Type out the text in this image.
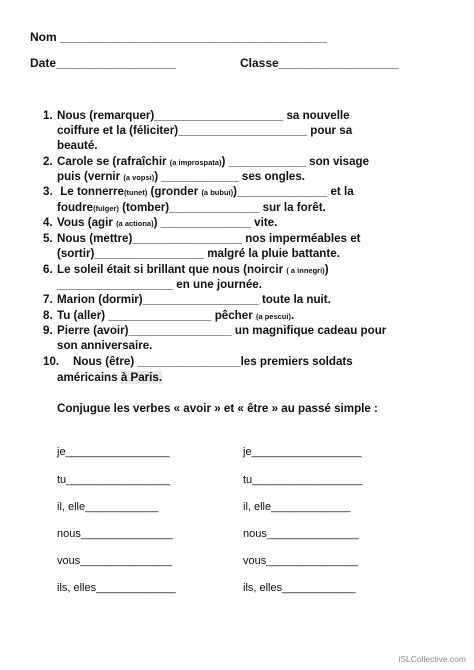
Nom ________________________________________
Date__________________	Classe__________________
1. Nous (remarquer)____________________ sa nouvelle
coiffure et la (féliciter)____________________ pour sa
beauté.
2. Carole se (rafraîchir (a improspata)) ____________ son visage
puis (vernir (a vopsi)) ____________ ses ongles.
3. Le tonnerre(tunet) (gronder (a bubui))______________ et la
foudre(fulger) (tomber)______________ sur la forêt.
4. Vous (agir (a actiona)) ______________ vite.
5. Nous (mettre)_________________ nos imperméables et
(sortir)_________________ malgré la pluie battante.
6. Le soleil était si brillant que nous (noircir ( a innegri))
__________________ en une journée.
7. Marion (dormir)__________________ toute la nuit.
8. Tu (aller) ________________ pêcher (a pescui).
9. Pierre (avoir)________________ un magnifique cadeau pour
son anniversaire.
10. Nous (être) ________________les premiers soldats
américains à Paris.
Conjugue les verbes « avoir » et « être » au passé simple :
je_________________
tu_________________
il, elle____________
nous_______________
vous_______________
ils, elles_____________
je__________________
tu__________________
il, elle_____________
nous_______________
vous_______________
ils, elles____________
iSLCollective.com
